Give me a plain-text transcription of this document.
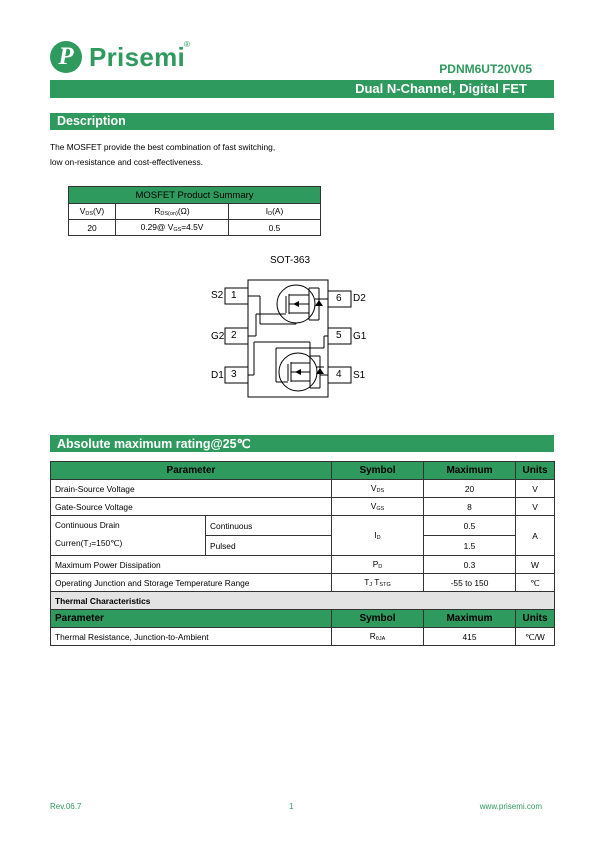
P Prisemi
®
PDNM6UT20V05
Dual N-Channel, Digital FET
Description
The MOSFET provide the best combination of fast switching,
low on-resistance and cost-effectiveness.
MOSFET Product Summary		
$V_{DS}(V)$	$R_{DS(on)}(\Omega)$	$I_D(A)$
20	0.29@ $V_{GS}=4.5V$	0.5
SOT-363
S2
G2
D1	S1
G1
D2
1
2
3	4
5
6
Absolute maximum rating@25℃
Parameter		Symbol	Maximum	Units
Drain-Source Voltage		$V_{DS}$	20	V
Gate-Source Voltage		$V_{GS}$	8	V

Continuous Drain
$Curren(T_J=150℃)$	Continuous	$I_D$	0.5	A
	Pulsed		1.5	
Maximum Power Dissipation		$P_D$	0.3	W
Operating Junction and Storage Temperature Range		$T_J$ $T_{STG}$	-55 to 150	℃
Thermal Characteristics				
Parameter		Symbol	Maximum	Units
Thermal Resistance, Junction-to-Ambient		$R_{\theta JA}$	415	℃/W
Rev.06.7	1	www.prisemi.com
